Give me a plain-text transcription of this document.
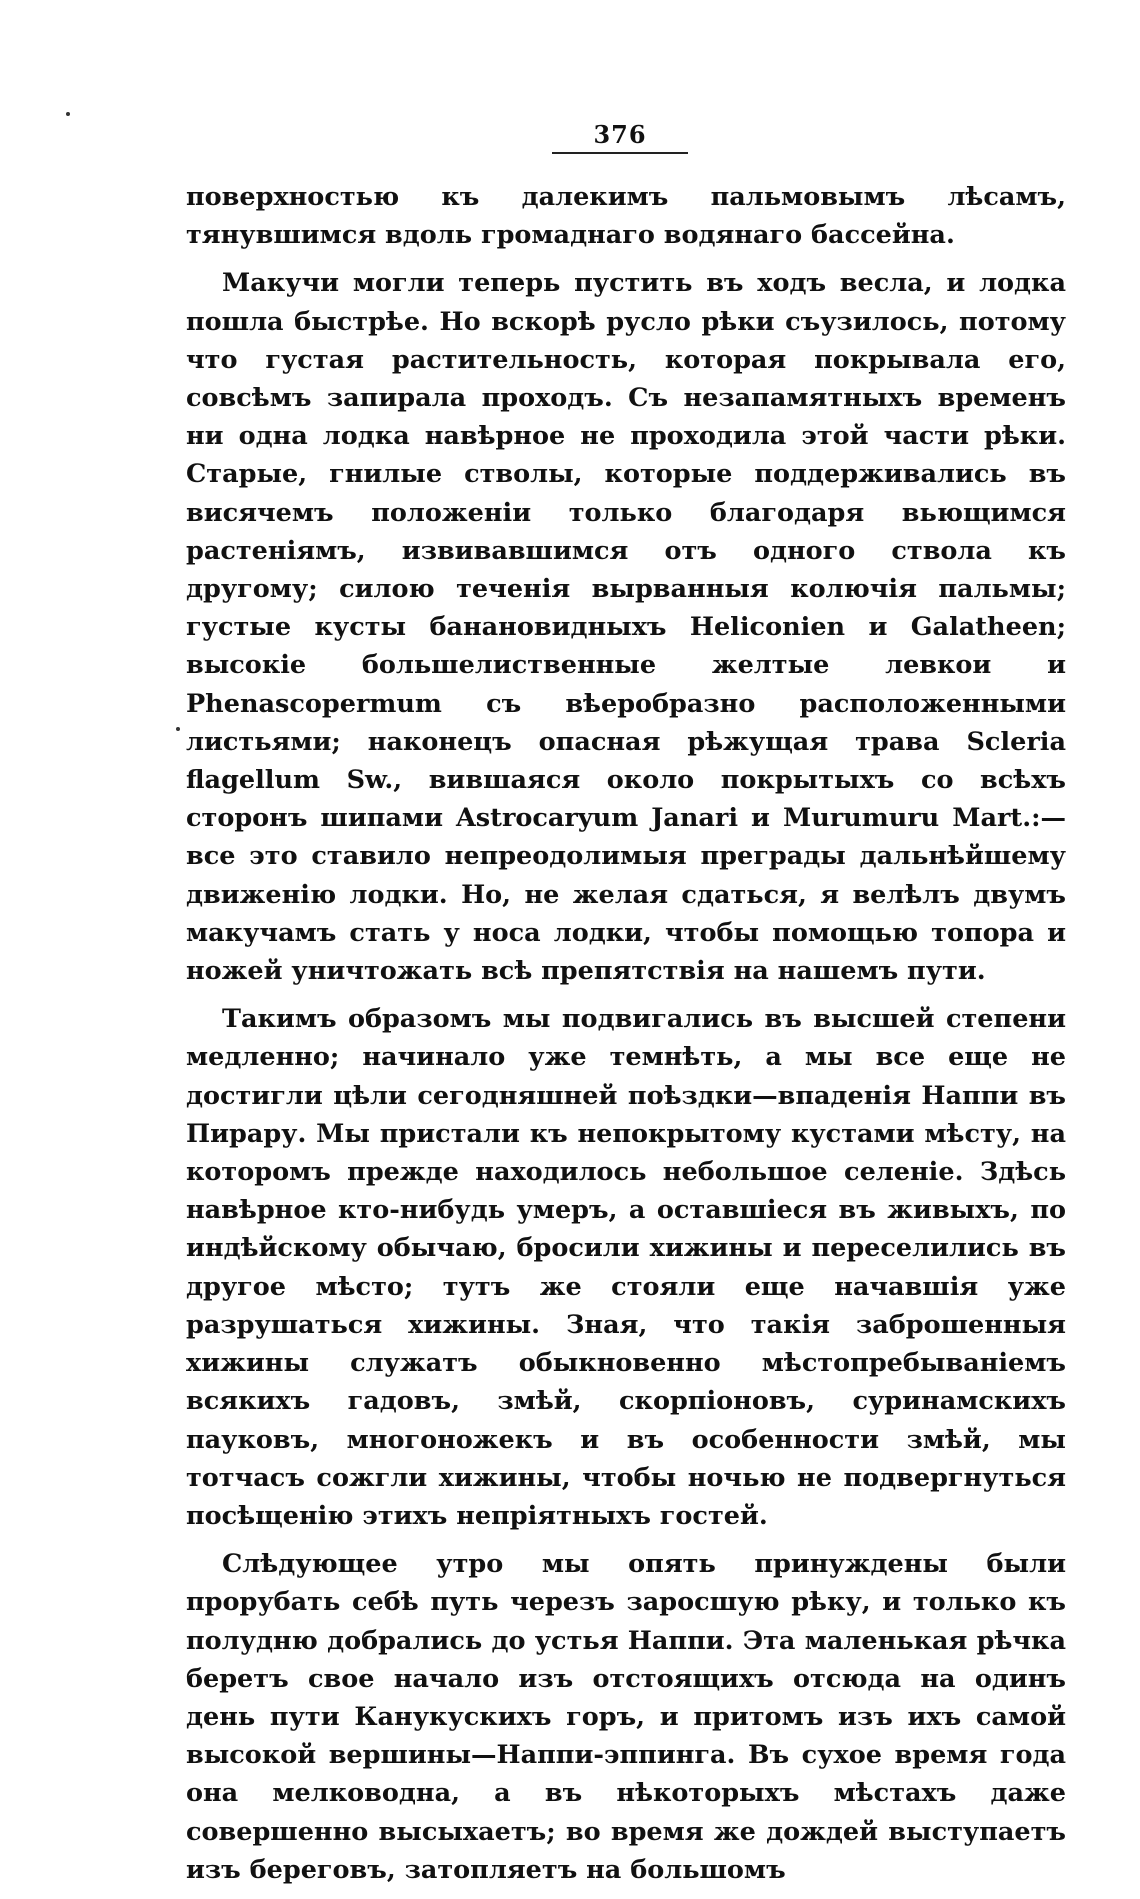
376

поверхностью къ далекимъ пальмовымъ лѣсамъ, тянувшимся вдоль громаднаго водянаго бассейна.

Макучи могли теперь пустить въ ходъ весла, и лодка пошла быстрѣе. Но вскорѣ русло рѣки съузилось, потому что густая растительность, которая покрывала его, совсѣмъ запирала проходъ. Съ незапамятныхъ временъ ни одна лодка навѣрное не проходила этой части рѣки. Старые, гнилые стволы, которые поддерживались въ висячемъ положеніи только благодаря вьющимся растеніямъ, извивавшимся отъ одного ствола къ другому; силою теченія вырванныя колючія пальмы; густые кусты банановидныхъ Heliconien и Galatheen; высокіе большелиственные желтые левкои и Phenascopermum съ вѣеробразно расположенными листьями; наконецъ опасная рѣжущая трава Scleria flagellum Sw., вившаяся около покрытыхъ со всѣхъ сторонъ шипами Astrocaryum Janari и Murumuru Mart.:—все это ставило непреодолимыя преграды дальнѣйшему движенію лодки. Но, не желая сдаться, я велѣлъ двумъ макучамъ стать у носа лодки, чтобы помощью топора и ножей уничтожать всѣ препятствія на нашемъ пути.

Такимъ образомъ мы подвигались въ высшей степени медленно; начинало уже темнѣть, а мы все еще не достигли цѣли сегодняшней поѣздки—впаденія Наппи въ Пирару. Мы пристали къ непокрытому кустами мѣсту, на которомъ прежде находилось небольшое селеніе. Здѣсь навѣрное кто-нибудь умеръ, а оставшіеся въ живыхъ, по индѣйскому обычаю, бросили хижины и переселились въ другое мѣсто; тутъ же стояли еще начавшія уже разрушаться хижины. Зная, что такія заброшенныя хижины служатъ обыкновенно мѣстопребываніемъ всякихъ гадовъ, змѣй, скорпіоновъ, суринамскихъ пауковъ, многоножекъ и въ особенности змѣй, мы тотчасъ сожгли хижины, чтобы ночью не подвергнуться посѣщенію этихъ непріятныхъ гостей.

Слѣдующее утро мы опять принуждены были прорубать себѣ путь черезъ заросшую рѣку, и только къ полудню добрались до устья Наппи. Эта маленькая рѣчка беретъ свое начало изъ отстоящихъ отсюда на одинъ день пути Канукускихъ горъ, и притомъ изъ ихъ самой высокой вершины—Наппи-эппинга. Въ сухое время года она мелководна, а въ нѣкоторыхъ мѣстахъ даже совершенно высыхаетъ; во время же дождей выступаетъ изъ береговъ, затопляетъ на большомъ
